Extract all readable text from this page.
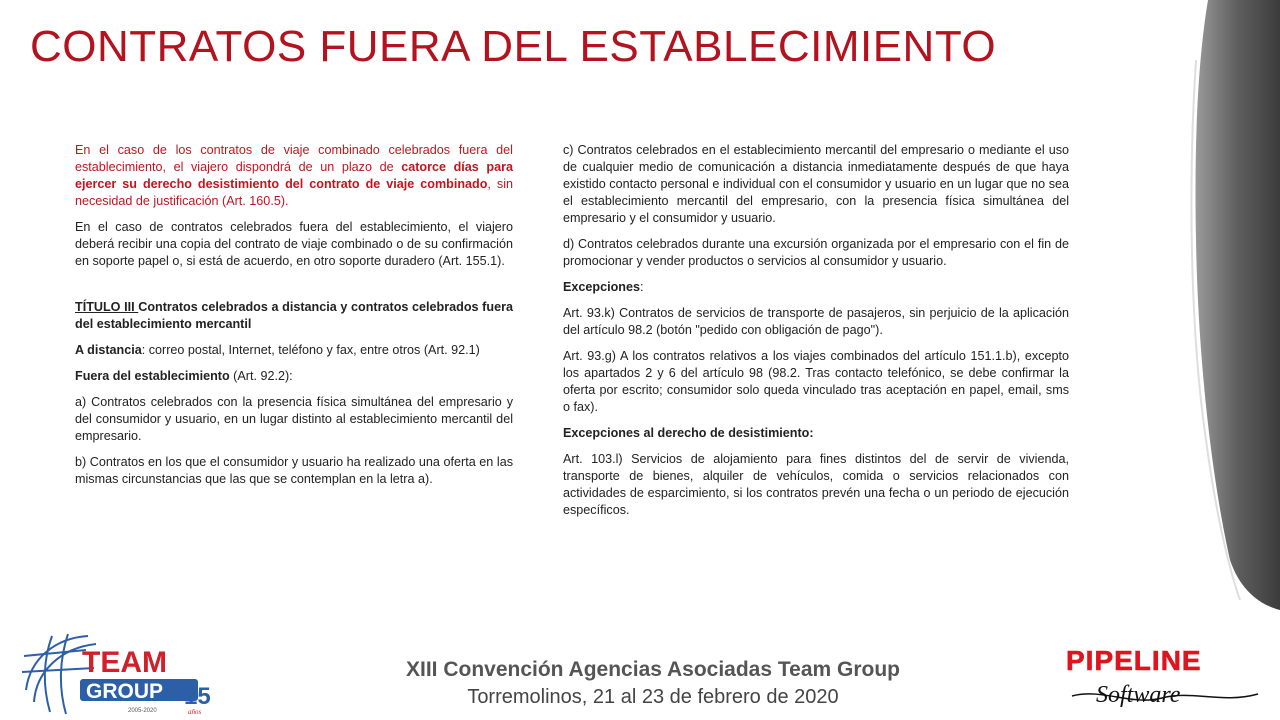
CONTRATOS FUERA DEL ESTABLECIMIENTO

En el caso de los contratos de viaje combinado celebrados fuera del establecimiento, el viajero dispondrá de un plazo de catorce días para ejercer su derecho desistimiento del contrato de viaje combinado, sin necesidad de justificación (Art. 160.5).

En el caso de contratos celebrados fuera del establecimiento, el viajero deberá recibir una copia del contrato de viaje combinado o de su confirmación en soporte papel o, si está de acuerdo, en otro soporte duradero (Art. 155.1).

TÍTULO III Contratos celebrados a distancia y contratos celebrados fuera del establecimiento mercantil

A distancia: correo postal, Internet, teléfono y fax, entre otros (Art. 92.1)

Fuera del establecimiento (Art. 92.2):

a) Contratos celebrados con la presencia física simultánea del empresario y del consumidor y usuario, en un lugar distinto al establecimiento mercantil del empresario.

b) Contratos en los que el consumidor y usuario ha realizado una oferta en las mismas circunstancias que las que se contemplan en la letra a).

c) Contratos celebrados en el establecimiento mercantil del empresario o mediante el uso de cualquier medio de comunicación a distancia inmediatamente después de que haya existido contacto personal e individual con el consumidor y usuario en un lugar que no sea el establecimiento mercantil del empresario, con la presencia física simultánea del empresario y el consumidor y usuario.

d) Contratos celebrados durante una excursión organizada por el empresario con el fin de promocionar y vender productos o servicios al consumidor y usuario.

Excepciones:

Art. 93.k) Contratos de servicios de transporte de pasajeros, sin perjuicio de la aplicación del artículo 98.2 (botón "pedido con obligación de pago").

Art. 93.g) A los contratos relativos a los viajes combinados del artículo 151.1.b), excepto los apartados 2 y 6 del artículo 98 (98.2. Tras contacto telefónico, se debe confirmar la oferta por escrito; consumidor solo queda vinculado tras aceptación en papel, email, sms o fax).

Excepciones al derecho de desistimiento:

Art. 103.l) Servicios de alojamiento para fines distintos del de servir de vivienda, transporte de bienes, alquiler de vehículos, comida o servicios relacionados con actividades de esparcimiento, si los contratos prevén una fecha o un periodo de ejecución específicos.

TEAM
GROUP 15
2005-2020	años
XIII Convención Agencias Asociadas Team Group
Torremolinos, 21 al 23 de febrero de 2020
PIPELINE
Software
